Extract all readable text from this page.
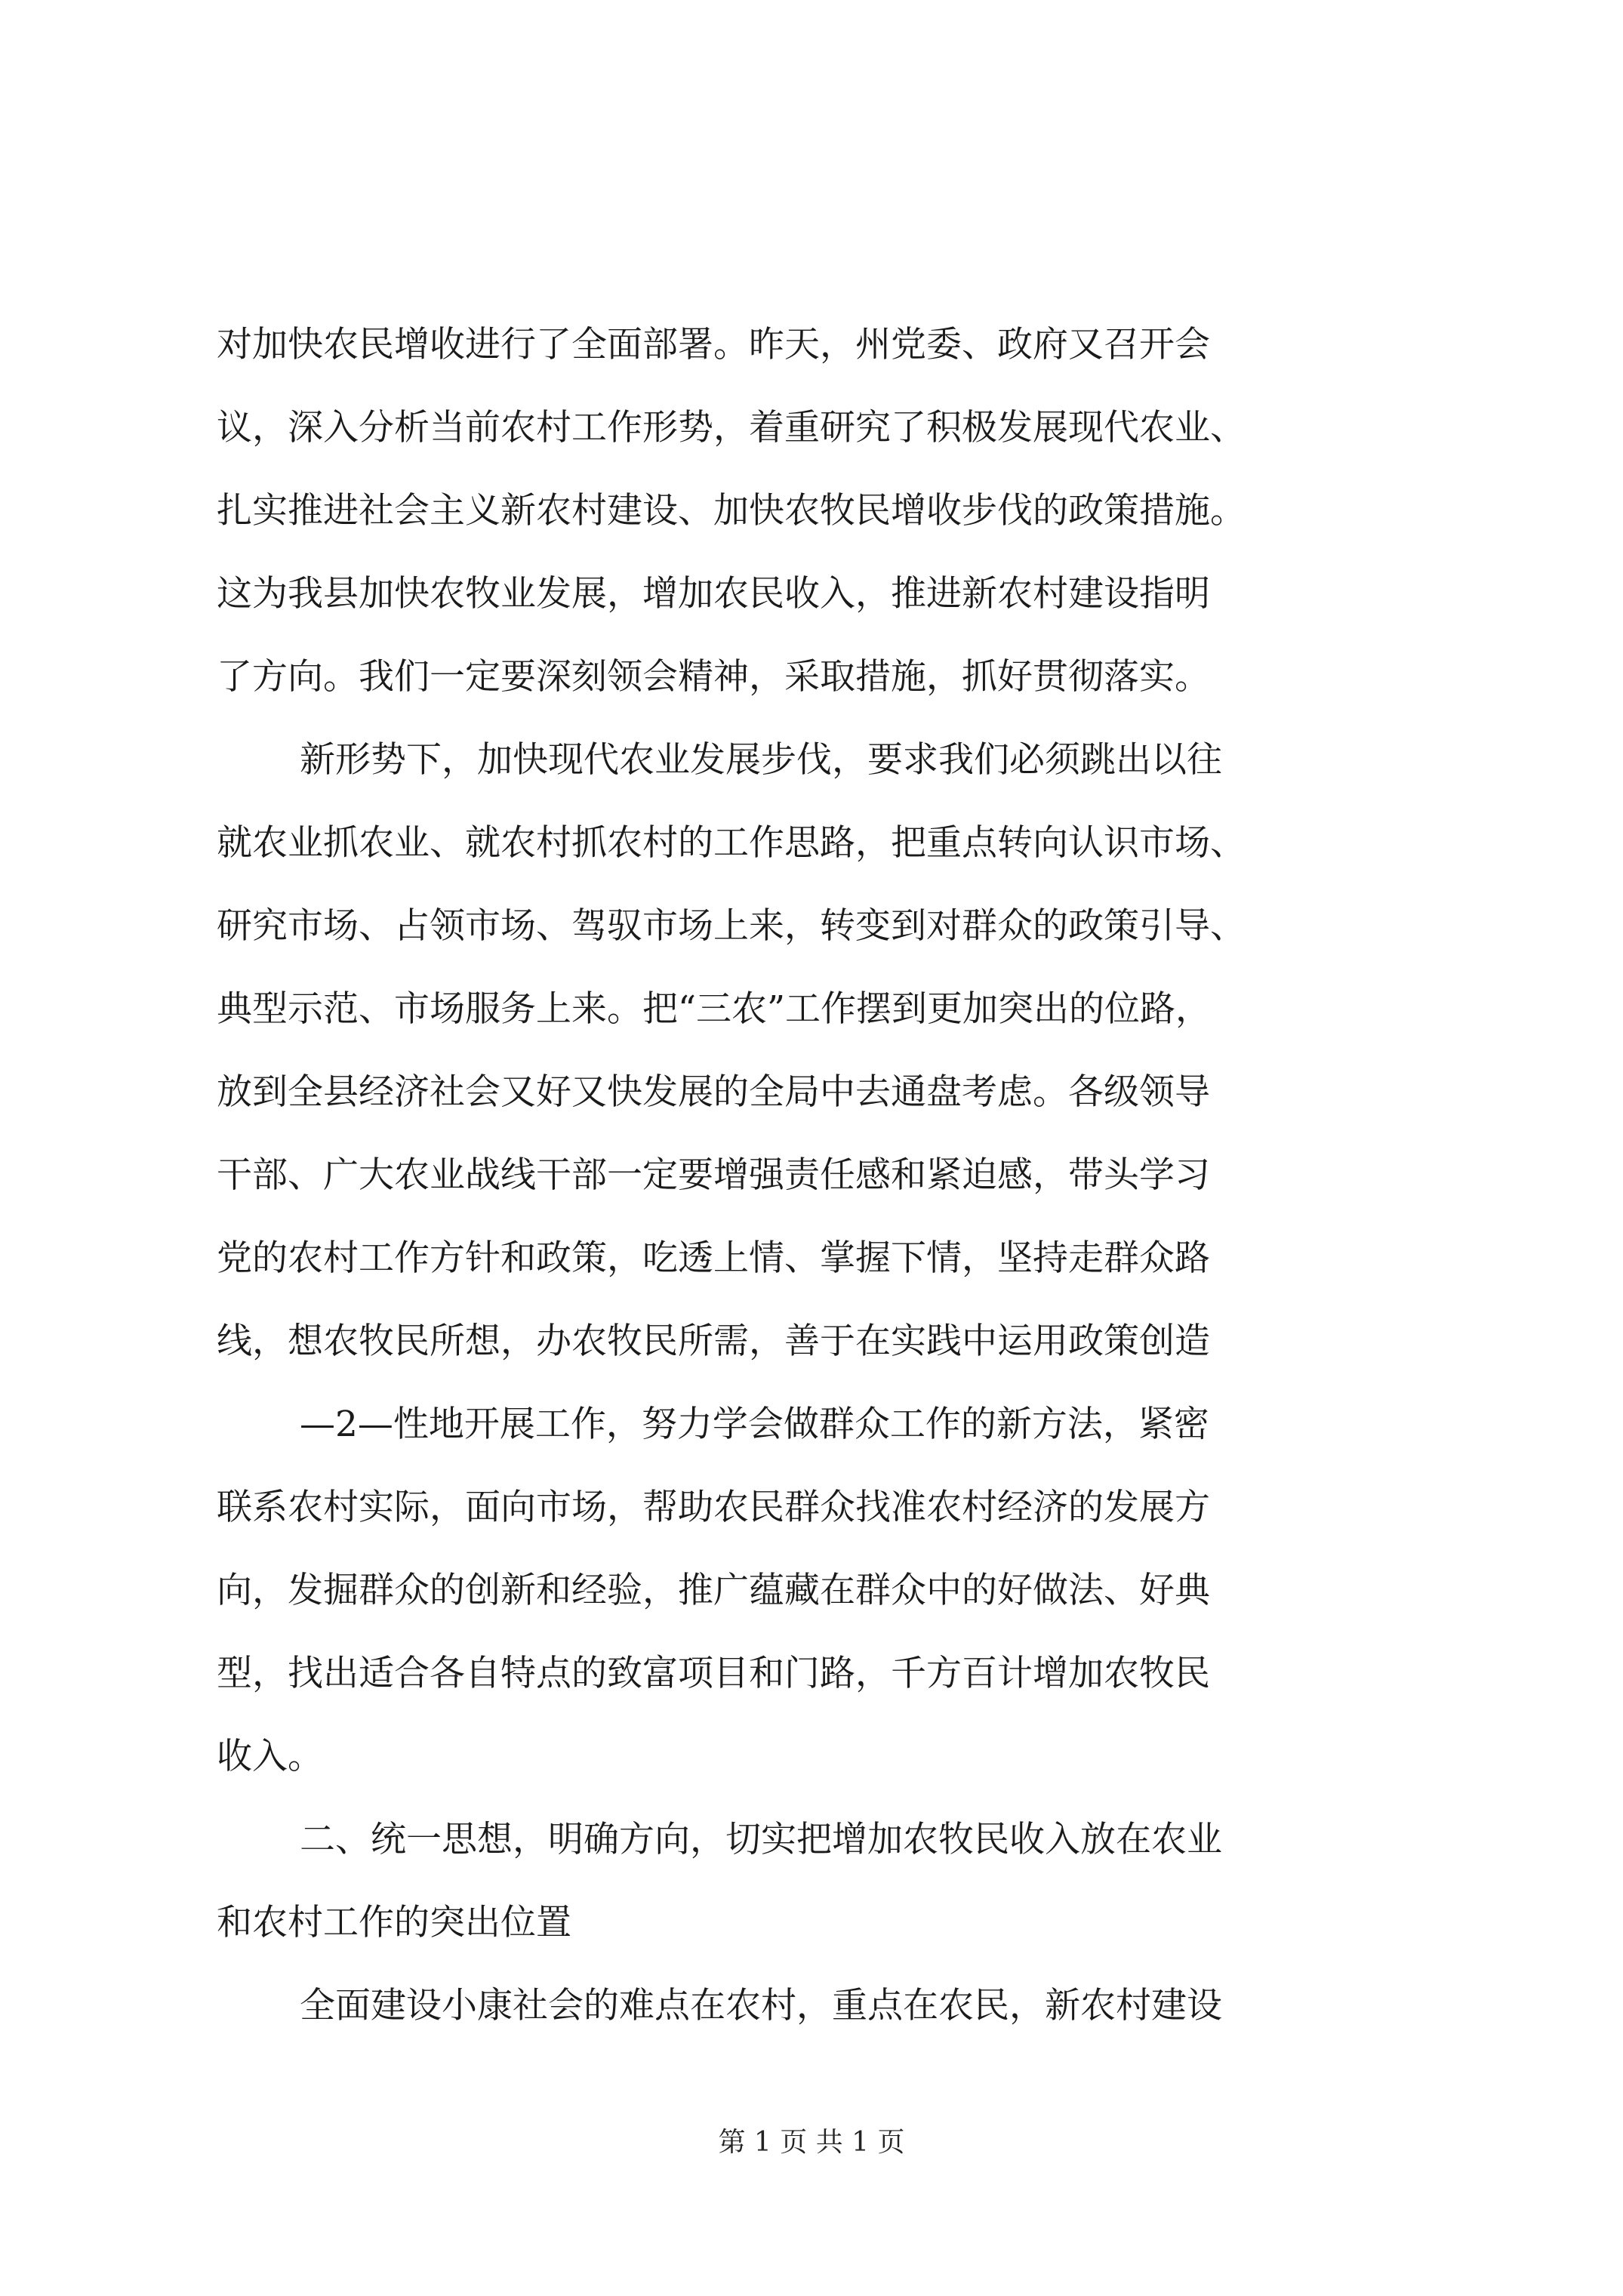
对加快农民增收进行了全面部署。昨天，州党委、政府又召开会
议，深入分析当前农村工作形势，着重研究了积极发展现代农业、
扎实推进社会主义新农村建设、加快农牧民增收步伐的政策措施。
这为我县加快农牧业发展，增加农民收入，推进新农村建设指明
了方向。我们一定要深刻领会精神，采取措施，抓好贯彻落实。
新形势下，加快现代农业发展步伐，要求我们必须跳出以往
就农业抓农业、就农村抓农村的工作思路，把重点转向认识市场、
研究市场、占领市场、驾驭市场上来，转变到对群众的政策引导、
典型示范、市场服务上来。把“三农”工作摆到更加突出的位路，
放到全县经济社会又好又快发展的全局中去通盘考虑。各级领导
干部、广大农业战线干部一定要增强责任感和紧迫感，带头学习
党的农村工作方针和政策，吃透上情、掌握下情，坚持走群众路
线，想农牧民所想，办农牧民所需，善于在实践中运用政策创造
—2—性地开展工作，努力学会做群众工作的新方法，紧密
联系农村实际，面向市场，帮助农民群众找准农村经济的发展方
向，发掘群众的创新和经验，推广蕴藏在群众中的好做法、好典
型，找出适合各自特点的致富项目和门路，千方百计增加农牧民
收入。
二、统一思想，明确方向，切实把增加农牧民收入放在农业
和农村工作的突出位置
全面建设小康社会的难点在农村，重点在农民，新农村建设
第 1 页 共 1 页
